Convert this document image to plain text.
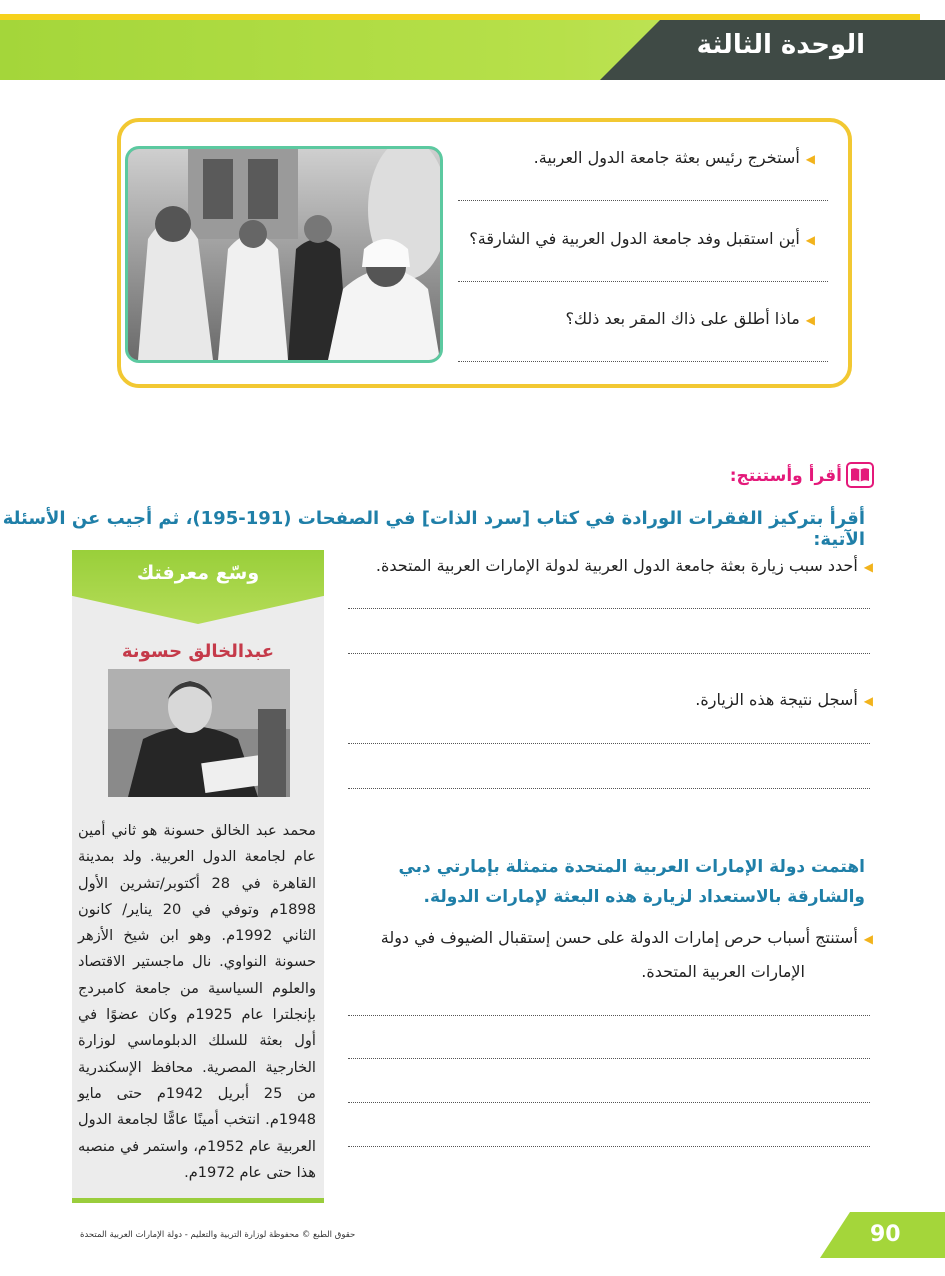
الوحدة الثالثة
◀أستخرج رئيس بعثة جامعة الدول العربية.
◀أين استقبل وفد جامعة الدول العربية في الشارقة؟
◀ماذا أطلق على ذاك المقر بعد ذلك؟
أقرأ وأستنتج:
أقرأ بتركيز الفقرات الورادة في كتاب [سرد الذات] في الصفحات (191-195)، ثم أجيب عن الأسئلة الآتية:
◀أحدد سبب زيارة بعثة جامعة الدول العربية لدولة الإمارات العربية المتحدة.
◀أسجل نتيجة هذه الزيارة.
اهتمت دولة الإمارات العربية المتحدة متمثلة بإمارتي دبي والشارقة بالاستعداد لزيارة هذه البعثة لإمارات الدولة.
◀أستنتج أسباب حرص إمارات الدولة على حسن إستقبال الضيوف في دولة
الإمارات العربية المتحدة.
وسّع معرفتك
عبدالخالق حسونة
محمد عبد الخالق حسونة هو ثاني أمين عام لجامعة الدول العربية. ولد بمدينة القاهرة في 28 أكتوبر/تشرين الأول 1898م وتوفي في 20 يناير/ كانون الثاني 1992م. وهو ابن شيخ الأزهر حسونة النواوي. نال ماجستير الاقتصاد والعلوم السياسية من جامعة كامبردج بإنجلترا عام 1925م وكان عضوًا في أول بعثة للسلك الدبلوماسي لوزارة الخارجية المصرية. محافظ الإسكندرية من 25 أبريل 1942م حتى مايو 1948م. انتخب أمينًا عامًّا لجامعة الدول العربية عام 1952م، واستمر في منصبه هذا حتى عام 1972م.
حقوق الطبع © محفوظة لوزارة التربية والتعليم - دولة الإمارات العربية المتحدة	90
